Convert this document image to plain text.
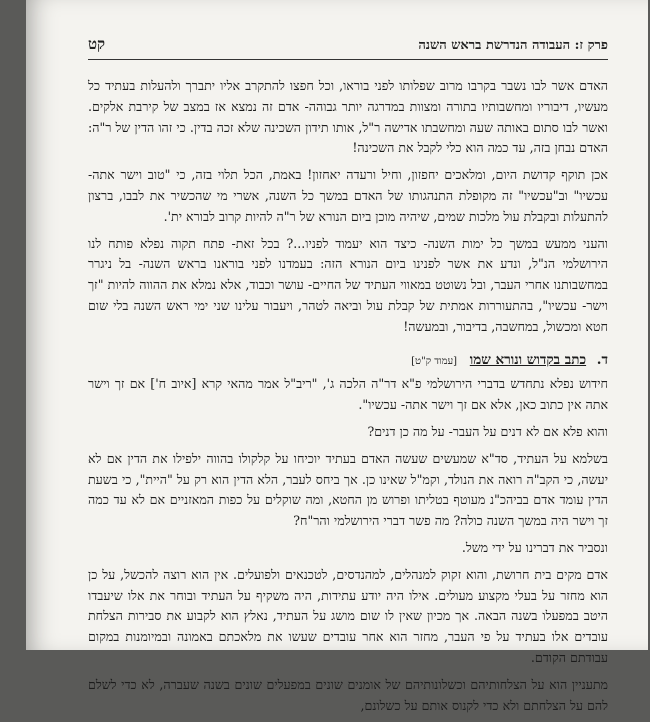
פרק ז: העבודה הנדרשת בראש השנה
קט

האדם אשר לבו נשבר בקרבו מרוב שפלותו לפני בוראו, וכל חפצו להתקרב אליו יתברך ולהעלות בעתיד כל מעשיו, דיבוריו ומחשבותיו בתורה ומצוות במדרגה יותר גבוהה- אדם זה נמצא אז במצב של קירבת אלקים. ואשר לבו סתום באותה שעה ומחשבתו אדישה ר"ל, אותו תידון השכינה שלא זכה בדין. כי זהו הדין של ר"ה: האדם נבחן בזה, עד כמה הוא כלי לקבל את השכינה!

אכן תוקף קדושת היום, ומלאכים יחפזון, וחיל ורעדה יאחזון! באמת, הכל תלוי בזה, כי "טוב וישר אתה- עכשיו" וב"עכשיו" זה מקופלת התנהגותו של האדם במשך כל השנה, אשרי מי שהכשיר את לבבו, ברצון להתעלות ובקבלת עול מלכות שמים, שיהיה מוכן ביום הנורא של ר"ה להיות קרוב לבורא ית'.

והעני ממעש במשך כל ימות השנה- כיצד הוא יעמוד לפניו...? בכל זאת- פתח תקוה נפלא פותח לנו הירושלמי הנ"ל, ונדע את אשר לפנינו ביום הנורא הזה: בעמדנו לפני בוראנו בראש השנה- בל ניגרר במחשבותנו אחרי העבר, ובל נשוטט במאווי העתיד של החיים- עושר וכבוד, אלא נמלא את ההווה להיות "זך וישר- עכשיו", בהתעוררות אמתית של קבלת עול וביאה לטהר, ויעבור עלינו שני ימי ראש השנה בלי שום חטא ומכשול, במחשבה, בדיבור, ובמעשה!

ד. כתב בקדוש ונורא שמו [עמוד ק"ט]

חידוש נפלא נתחדש בדברי הירושלמי פ"א דר"ה הלכה ג', "ריב"ל אמר מהאי קרא [איוב ח'] אם זך וישר אתה אין כתוב כאן, אלא אם זך וישר אתה- עכשיו".

והוא פלא אם לא דנים על העבר- על מה כן דנים?

בשלמא על העתיד, סד"א שמעשים שעשה האדם בעתיד יוכיחו על קלקולו בהווה ילפילו את הדין אם לא יעשה, כי הקב"ה רואה את הנולד, וקמ"ל שאינו כן. אך ביחס לעבר, הלא הדין הוא רק על "היית", כי בשעת הדין עומד אדם בביהכ"נ מעוטף בטליתו ופרוש מן החטא, ומה שוקלים על כפות המאזניים אם לא עד כמה זך וישר היה במשך השנה כולה? מה פשר דברי הירושלמי והר"ח?

ונסביר את דברינו על ידי משל.

אדם מקים בית חרושת, והוא זקוק למנהלים, למהנדסים, לטכנאים ולפועלים. אין הוא רוצה להכשל, על כן הוא מחזר על בעלי מקצוע מעולים. אילו היה יודע עתידות, היה משקיף על העתיד ובוחר את אלו שיעבדו היטב במפעלו בשנה הבאה. אך מכיון שאין לו שום מושג על העתיד, נאלץ הוא לקבוע את סבירות הצלחת עובדים אלו בעתיד על פי העבר, מחזר הוא אחר עובדים שעשו את מלאכתם באמונה ובמיומנות במקום עבודתם הקודם.

מתעניין הוא על הצלחותיהם וכשלונותיהם של אומנים שונים במפעלים שונים בשנה שעברה, לא כדי לשלם להם על הצלחתם ולא כדי לקנוס אותם על כשלונם,
